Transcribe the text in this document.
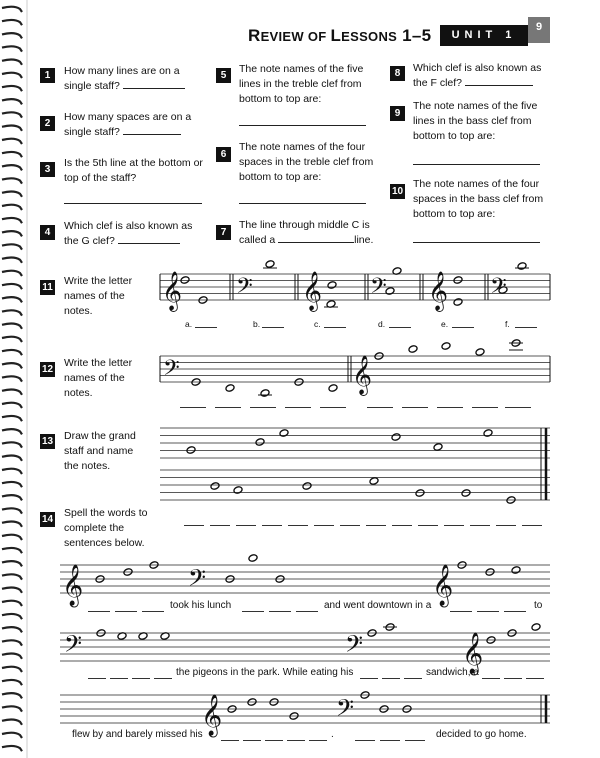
REVIEW OF LESSONS 1–5	UNIT 1
9
1	How many lines are on a single staff?
2
How many spaces are on a single staff?
3
Is the 5th line at the bottom or top of the staff?
4
Which clef is also known as the G clef?
5
The note names of the five lines in the treble clef from bottom to top are:
6
The note names of the four spaces in the treble clef from bottom to top are:
7
The line through middle C is called a	line.
8	Which clef is also known as the F clef?
9
The note names of the five lines in the bass clef from bottom to top are:
10
The note names of the four spaces in the bass clef from bottom to top are:
11
Write the letter names of the notes.
a.	b.	c.	d.	e.	f.
12
Write the letter names of the notes.
13 Draw the grand staff and name the notes.
14
Spell the words to complete the sentences below.
took his lunch	and went downtown in a	to
the pigeons in the park. While eating his	sandwich, a
flew by and barely missed his	.	decided to go home.
𝄞 𝄢 𝄞 𝄢 𝄞 𝄢
𝄢	𝄞
𝄞	𝄢	𝄞
𝄢	𝄢	𝄞
𝄞	𝄢
